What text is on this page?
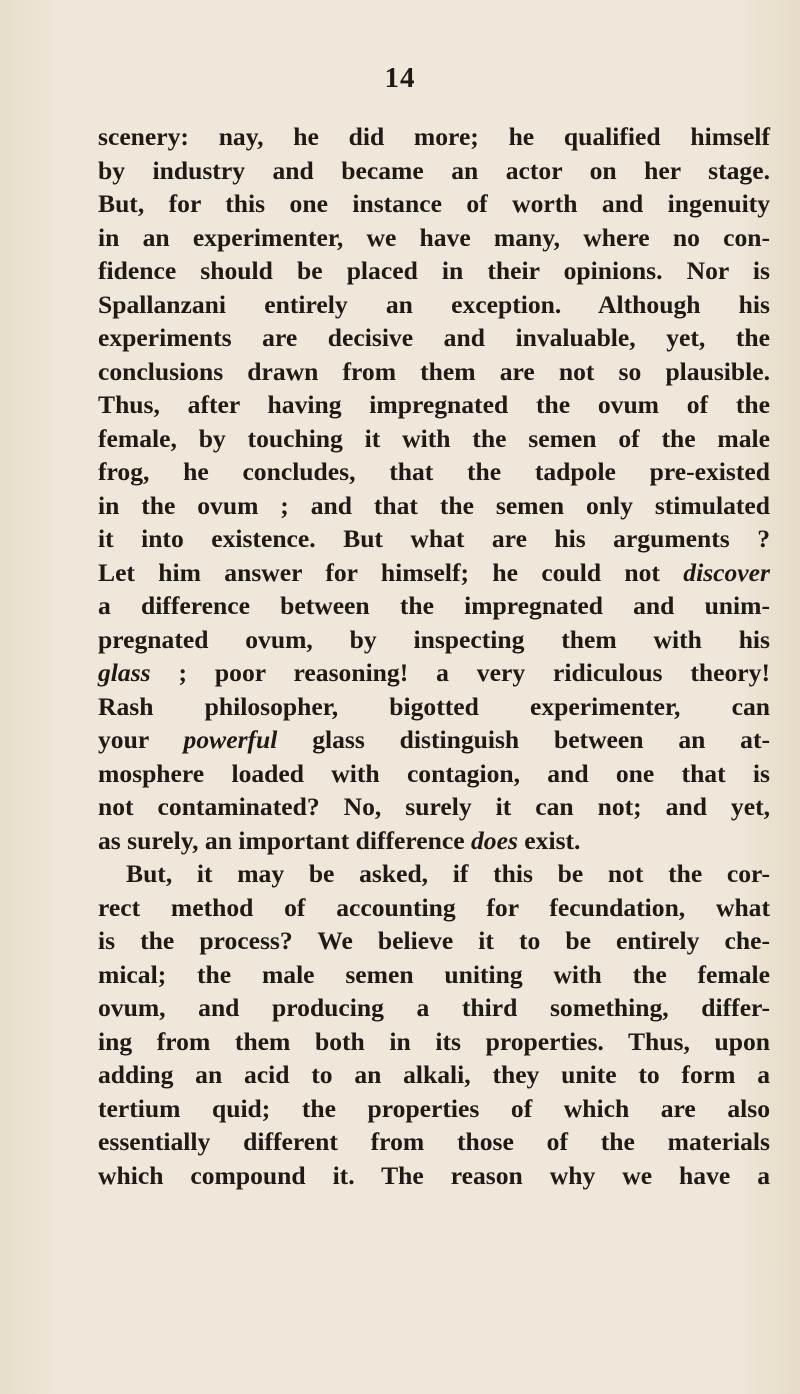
14
scenery: nay, he did more; he qualified himself
by industry and became an actor on her stage.
But, for this one instance of worth and ingenuity
in an experimenter, we have many, where no con-
fidence should be placed in their opinions. Nor is
Spallanzani entirely an exception. Although his
experiments are decisive and invaluable, yet, the
conclusions drawn from them are not so plausible.
Thus, after having impregnated the ovum of the
female, by touching it with the semen of the male
frog, he concludes, that the tadpole pre-existed
in the ovum ; and that the semen only stimulated
it into existence. But what are his arguments ?
Let him answer for himself; he could not discover
a difference between the impregnated and unim-
pregnated ovum, by inspecting them with his
glass ; poor reasoning! a very ridiculous theory!
Rash philosopher, bigotted experimenter, can
your powerful glass distinguish between an at-
mosphere loaded with contagion, and one that is
not contaminated? No, surely it can not; and yet,
as surely, an important difference does exist.
But, it may be asked, if this be not the cor-
rect method of accounting for fecundation, what
is the process? We believe it to be entirely che-
mical; the male semen uniting with the female
ovum, and producing a third something, differ-
ing from them both in its properties. Thus, upon
adding an acid to an alkali, they unite to form a
tertium quid; the properties of which are also
essentially different from those of the materials
which compound it. The reason why we have a
